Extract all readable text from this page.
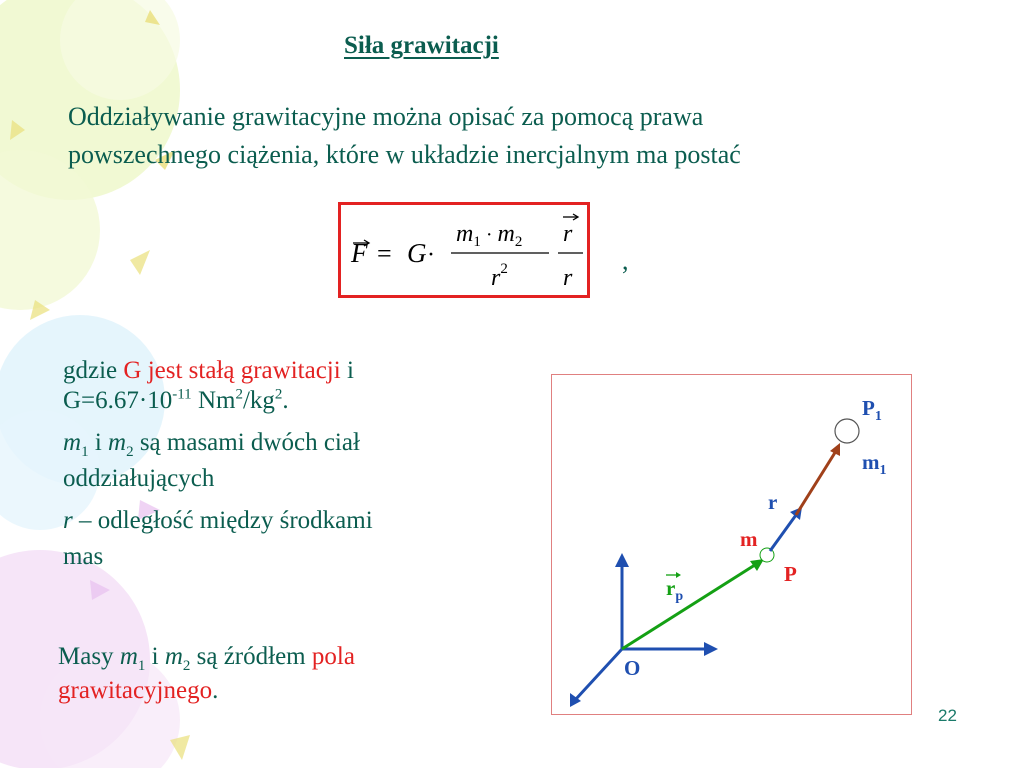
Siła grawitacji
Oddziaływanie grawitacyjne można opisać za pomocą prawa
powszechnego ciążenia, które w układzie inercjalnym ma postać
F = G ·
$m_1$ · $m_2$
$r^2$
r
r
,
gdzie G jest stałą grawitacji i
$G=6.67\cdot 10^{-11}$ $Nm^2/kg^2$.
$m_1$ i $m_2$ są masami dwóch ciał
oddziałujących
r – odległość między środkami
mas
Masy $m_1$ i $m_2$ są źródłem pola
grawitacyjnego.
$P_1$
$m_1$
r
m
P
$r_p$
O
22
